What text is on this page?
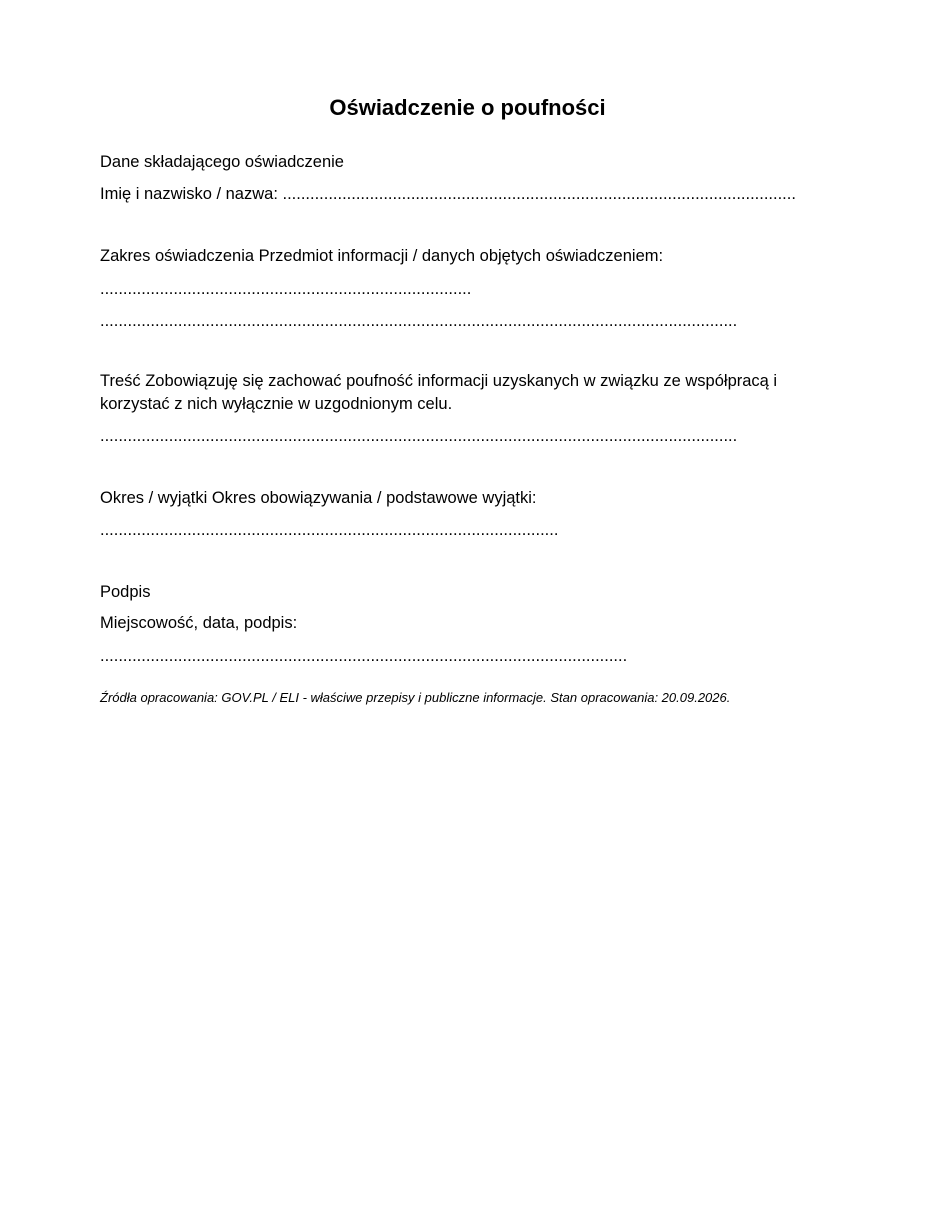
Oświadczenie o poufności
Dane składającego oświadczenie
Imię i nazwisko / nazwa: ................................................................................................................
Zakres oświadczenia Przedmiot informacji / danych objętych oświadczeniem:
.................................................................................
...........................................................................................................................................
Treść Zobowiązuję się zachować poufność informacji uzyskanych w związku ze współpracą i korzystać z nich wyłącznie w uzgodnionym celu.
...........................................................................................................................................
Okres / wyjątki Okres obowiązywania / podstawowe wyjątki:
....................................................................................................
Podpis
Miejscowość, data, podpis:
...................................................................................................................
Źródła opracowania: GOV.PL / ELI - właściwe przepisy i publiczne informacje. Stan opracowania: 20.09.2026.
